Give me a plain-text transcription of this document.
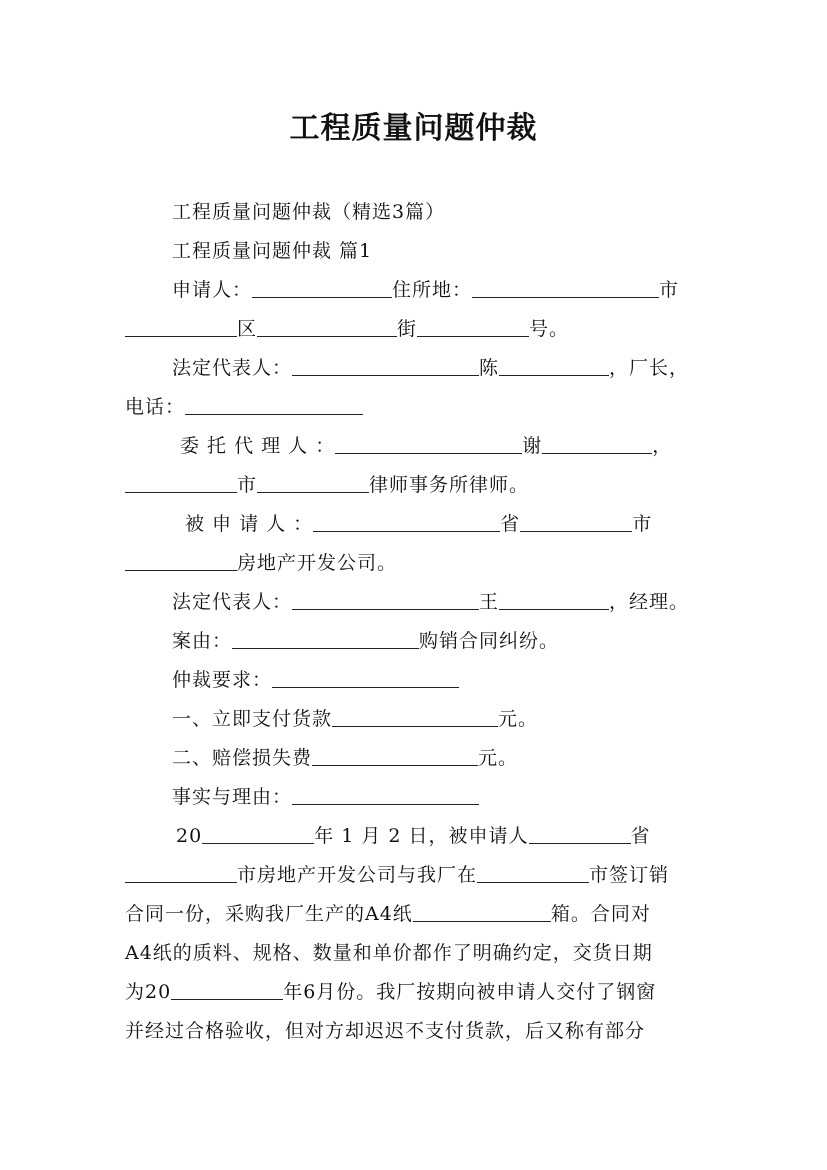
工程质量问题仲裁
工程质量问题仲裁（精选3篇）
工程质量问题仲裁 篇1
申请人：	住所地：	市
区	街	号。
法定代表人：	陈	，厂长，
电话：
委 托 代 理 人 ：	谢	，
市	律师事务所律师。
被 申 请 人 ：	省	市
房地产开发公司。
法定代表人：	王	，经理。
案由：	购销合同纠纷。
仲裁要求：
一、立即支付货款	元。
二、赔偿损失费	元。
事实与理由：
20	年 1 月 2 日，被申请人	省
市房地产开发公司与我厂在	市签订销
合同一份，采购我厂生产的A4纸	箱。合同对
A4纸的质料、规格、数量和单价都作了明确约定，交货日期
为20	年6月份。我厂按期向被申请人交付了钢窗
并经过合格验收，但对方却迟迟不支付货款，后又称有部分
